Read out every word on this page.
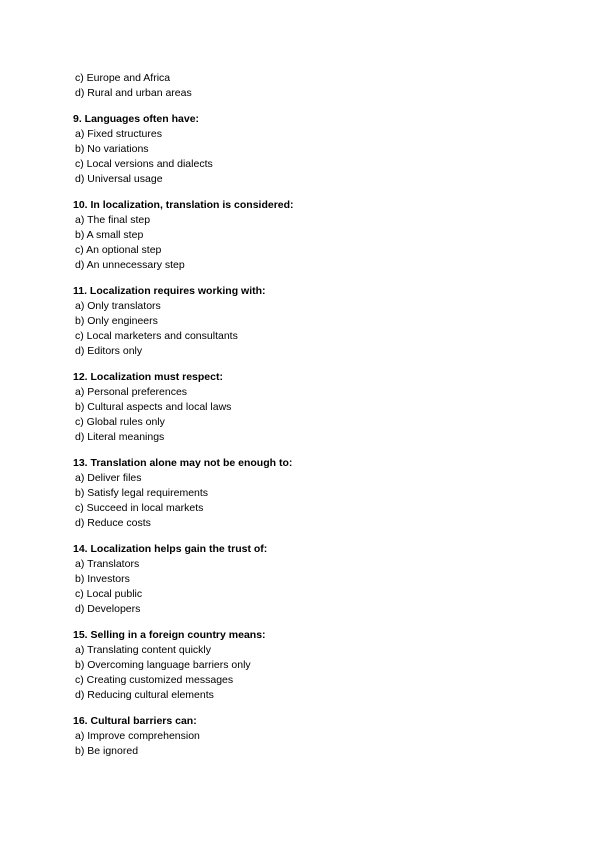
c) Europe and Africa
d) Rural and urban areas
9. Languages often have:
a) Fixed structures
b) No variations
c) Local versions and dialects
d) Universal usage
10. In localization, translation is considered:
a) The final step
b) A small step
c) An optional step
d) An unnecessary step
11. Localization requires working with:
a) Only translators
b) Only engineers
c) Local marketers and consultants
d) Editors only
12. Localization must respect:
a) Personal preferences
b) Cultural aspects and local laws
c) Global rules only
d) Literal meanings
13. Translation alone may not be enough to:
a) Deliver files
b) Satisfy legal requirements
c) Succeed in local markets
d) Reduce costs
14. Localization helps gain the trust of:
a) Translators
b) Investors
c) Local public
d) Developers
15. Selling in a foreign country means:
a) Translating content quickly
b) Overcoming language barriers only
c) Creating customized messages
d) Reducing cultural elements
16. Cultural barriers can:
a) Improve comprehension
b) Be ignored
